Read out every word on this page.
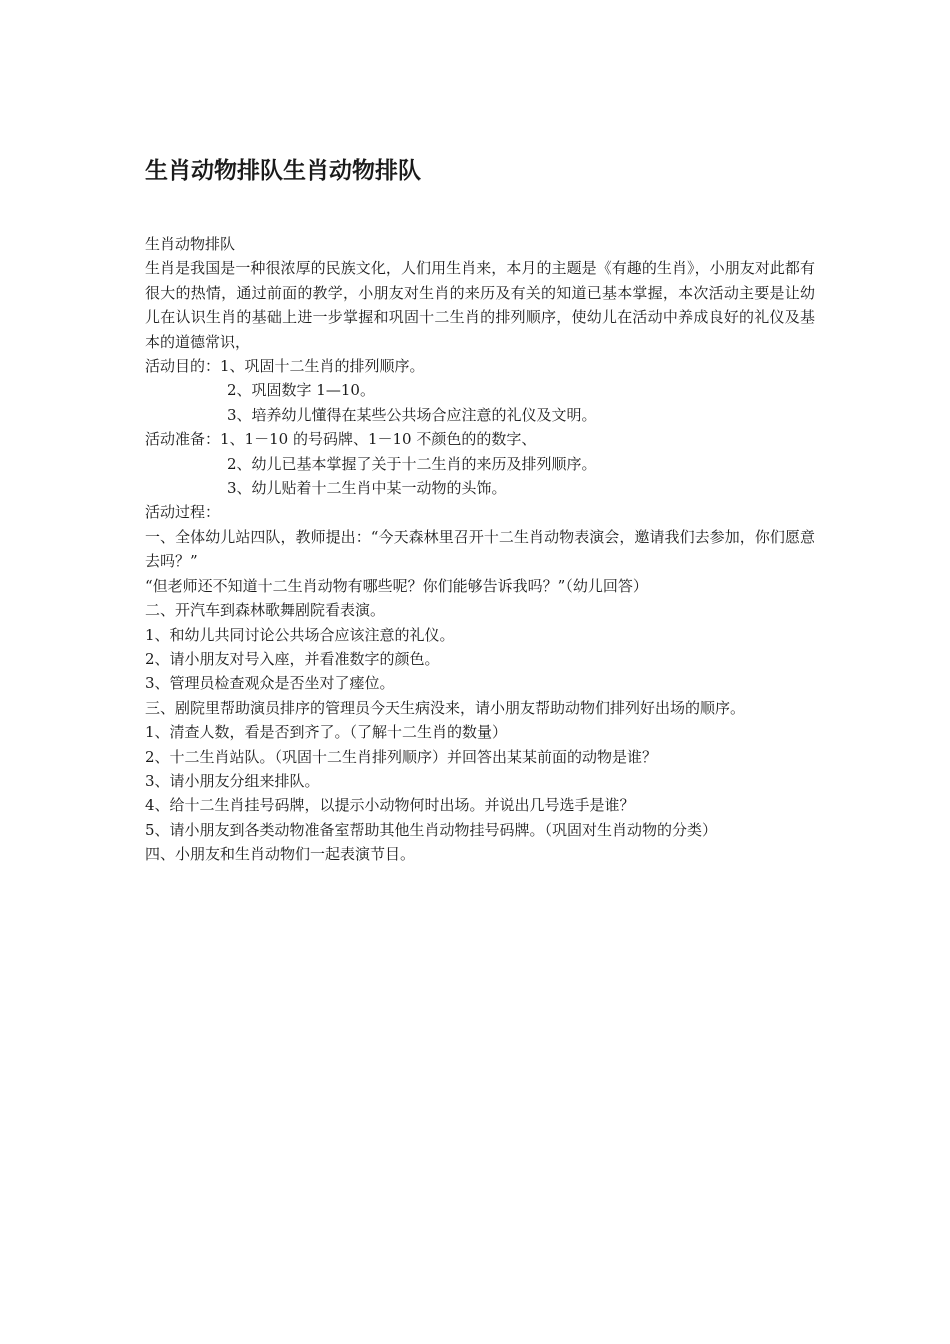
生肖动物排队生肖动物排队

生肖动物排队

生肖是我国是一种很浓厚的民族文化，人们用生肖来，本月的主题是《有趣的生肖》，小朋友对此都有很大的热情，通过前面的教学，小朋友对生肖的来历及有关的知道已基本掌握，本次活动主要是让幼儿在认识生肖的基础上进一步掌握和巩固十二生肖的排列顺序，使幼儿在活动中养成良好的礼仪及基本的道德常识，

活动目的：1、巩固十二生肖的排列顺序。

2、巩固数字 1—10。

3、培养幼儿懂得在某些公共场合应注意的礼仪及文明。

活动准备：1、1－10 的号码牌、1－10 不颜色的的数字、

2、幼儿已基本掌握了关于十二生肖的来历及排列顺序。

3、幼儿贴着十二生肖中某一动物的头饰。

活动过程：

一、全体幼儿站四队，教师提出：“今天森林里召开十二生肖动物表演会，邀请我们去参加，你们愿意去吗？”

“但老师还不知道十二生肖动物有哪些呢？你们能够告诉我吗？”（幼儿回答）

二、开汽车到森林歌舞剧院看表演。

1、和幼儿共同讨论公共场合应该注意的礼仪。

2、请小朋友对号入座，并看准数字的颜色。

3、管理员检查观众是否坐对了瘗位。

三、剧院里帮助演员排序的管理员今天生病没来，请小朋友帮助动物们排列好出场的顺序。

1、清查人数，看是否到齐了。（了解十二生肖的数量）

2、十二生肖站队。（巩固十二生肖排列顺序）并回答出某某前面的动物是谁？

3、请小朋友分组来排队。

4、给十二生肖挂号码牌，以提示小动物何时出场。并说出几号选手是谁？

5、请小朋友到各类动物准备室帮助其他生肖动物挂号码牌。（巩固对生肖动物的分类）

四、小朋友和生肖动物们一起表演节目。
